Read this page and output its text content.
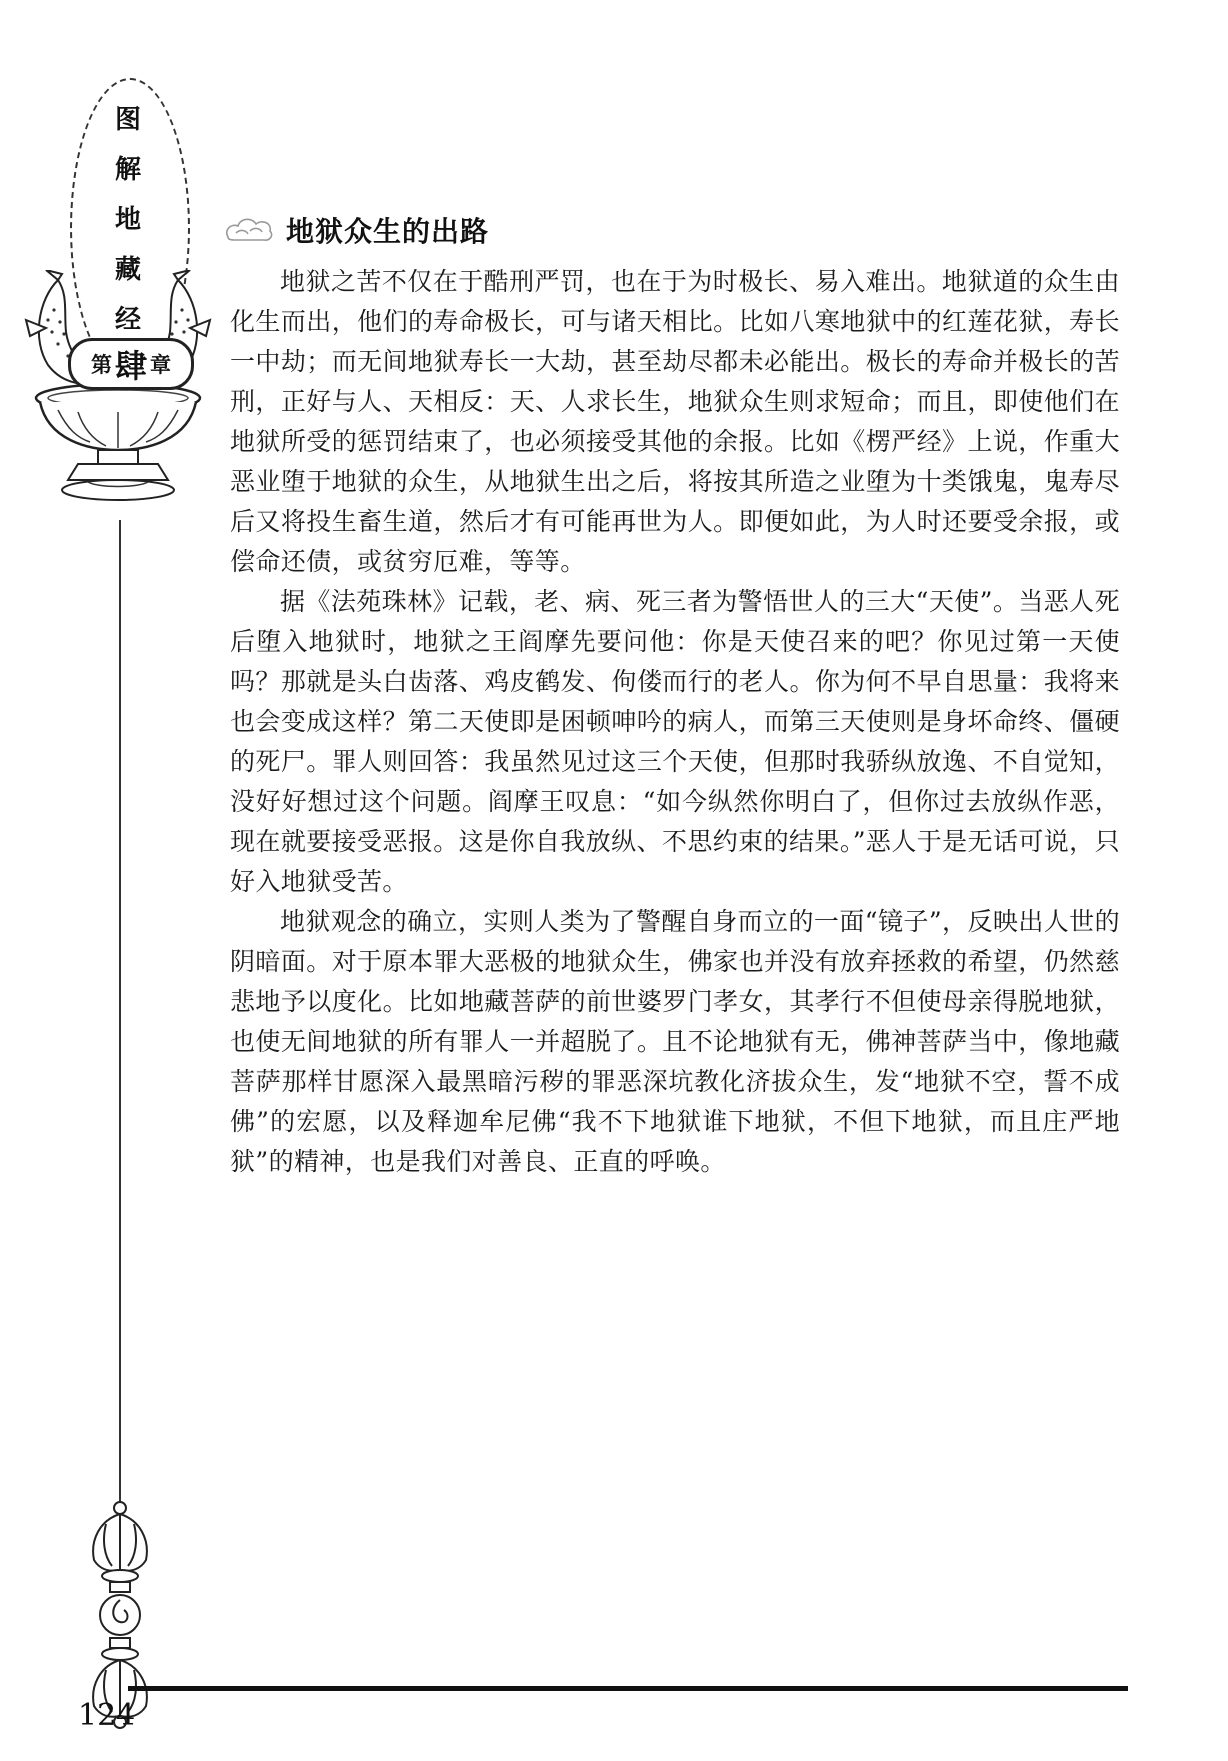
图
解
地
藏
经
第 肆 章
地狱众生的出路

地狱之苦不仅在于酷刑严罚，也在于为时极长、易入难出。地狱道的众生由化生而出，他们的寿命极长，可与诸天相比。比如八寒地狱中的红莲花狱，寿长一中劫；而无间地狱寿长一大劫，甚至劫尽都未必能出。极长的寿命并极长的苦刑，正好与人、天相反：天、人求长生，地狱众生则求短命；而且，即使他们在地狱所受的惩罚结束了，也必须接受其他的余报。比如《楞严经》上说，作重大恶业堕于地狱的众生，从地狱生出之后，将按其所造之业堕为十类饿鬼，鬼寿尽后又将投生畜生道，然后才有可能再世为人。即便如此，为人时还要受余报，或偿命还债，或贫穷厄难，等等。

据《法苑珠林》记载，老、病、死三者为警悟世人的三大“天使”。当恶人死后堕入地狱时，地狱之王阎摩先要问他：你是天使召来的吧？你见过第一天使吗？那就是头白齿落、鸡皮鹤发、佝偻而行的老人。你为何不早自思量：我将来也会变成这样？第二天使即是困顿呻吟的病人，而第三天使则是身坏命终、僵硬的死尸。罪人则回答：我虽然见过这三个天使，但那时我骄纵放逸、不自觉知，没好好想过这个问题。阎摩王叹息：“如今纵然你明白了，但你过去放纵作恶，现在就要接受恶报。这是你自我放纵、不思约束的结果。”恶人于是无话可说，只好入地狱受苦。

地狱观念的确立，实则人类为了警醒自身而立的一面“镜子”，反映出人世的阴暗面。对于原本罪大恶极的地狱众生，佛家也并没有放弃拯救的希望，仍然慈悲地予以度化。比如地藏菩萨的前世婆罗门孝女，其孝行不但使母亲得脱地狱，也使无间地狱的所有罪人一并超脱了。且不论地狱有无，佛神菩萨当中，像地藏菩萨那样甘愿深入最黑暗污秽的罪恶深坑教化济拔众生，发“地狱不空，誓不成佛”的宏愿，以及释迦牟尼佛“我不下地狱谁下地狱，不但下地狱，而且庄严地狱”的精神，也是我们对善良、正直的呼唤。

124
